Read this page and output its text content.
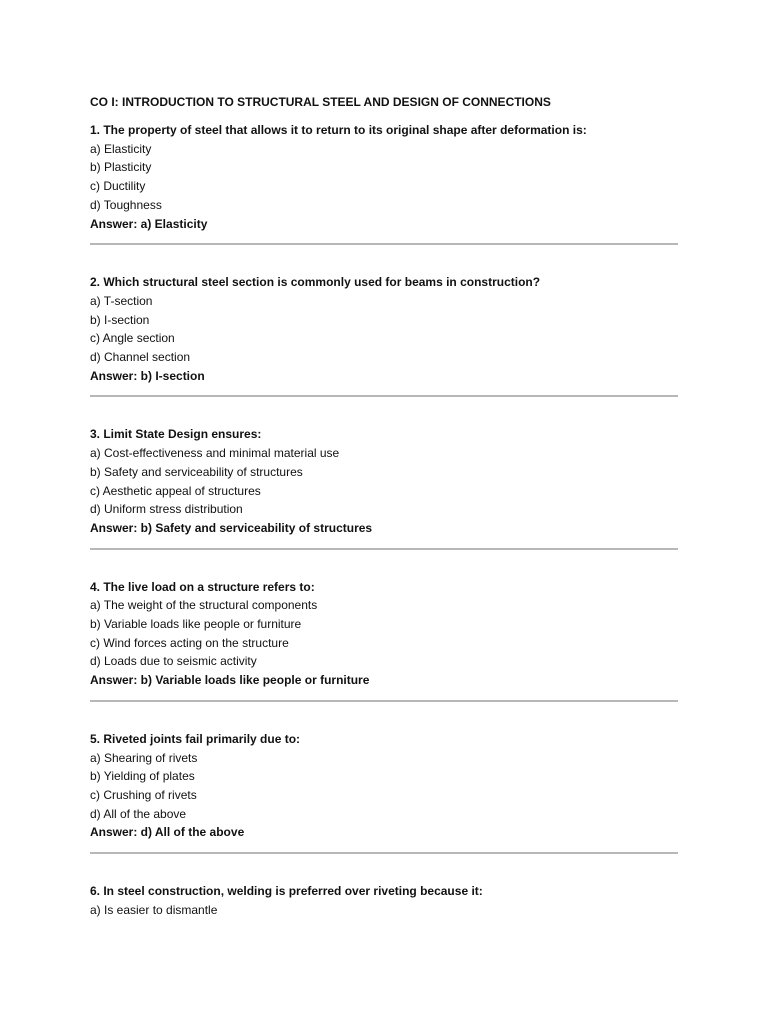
CO I: INTRODUCTION TO STRUCTURAL STEEL AND DESIGN OF CONNECTIONS
1. The property of steel that allows it to return to its original shape after deformation is:
a) Elasticity
b) Plasticity
c) Ductility
d) Toughness
Answer: a) Elasticity
2. Which structural steel section is commonly used for beams in construction?
a) T-section
b) I-section
c) Angle section
d) Channel section
Answer: b) I-section
3. Limit State Design ensures:
a) Cost-effectiveness and minimal material use
b) Safety and serviceability of structures
c) Aesthetic appeal of structures
d) Uniform stress distribution
Answer: b) Safety and serviceability of structures
4. The live load on a structure refers to:
a) The weight of the structural components
b) Variable loads like people or furniture
c) Wind forces acting on the structure
d) Loads due to seismic activity
Answer: b) Variable loads like people or furniture
5. Riveted joints fail primarily due to:
a) Shearing of rivets
b) Yielding of plates
c) Crushing of rivets
d) All of the above
Answer: d) All of the above
6. In steel construction, welding is preferred over riveting because it:
a) Is easier to dismantle
